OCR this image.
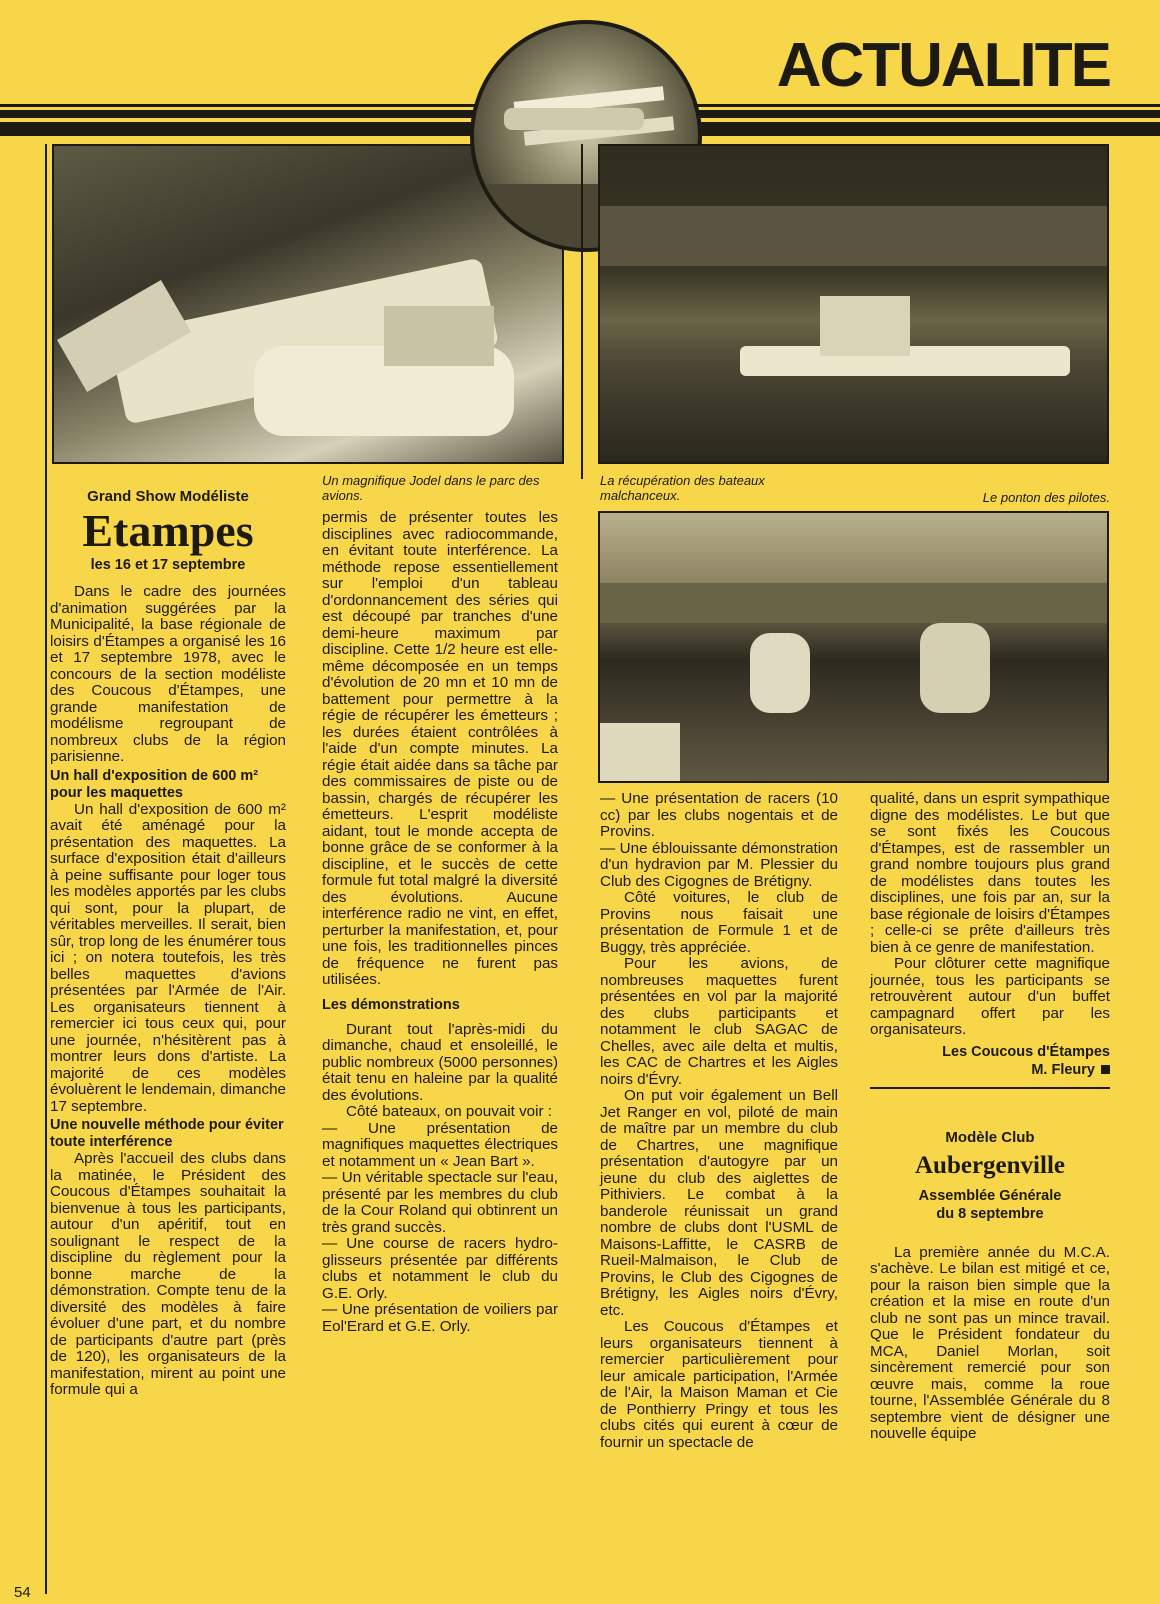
ACTUALITE
Un magnifique Jodel dans le parc des avions.
La récupération des bateaux malchanceux.	Le ponton des pilotes.
Grand Show Modéliste
Etampes
les 16 et 17 septembre

Dans le cadre des journées d'animation suggérées par la Municipalité, la base régionale de loisirs d'Étampes a organisé les 16 et 17 septembre 1978, avec le concours de la section modéliste des Coucous d'Étampes, une grande manifestation de modélisme regroupant de nombreux clubs de la région parisienne.

Un hall d'exposition de 600 m² pour les maquettes

Un hall d'exposition de 600 m² avait été aménagé pour la présentation des maquettes. La surface d'exposition était d'ailleurs à peine suffisante pour loger tous les modèles apportés par les clubs qui sont, pour la plupart, de véritables merveilles. Il serait, bien sûr, trop long de les énumérer tous ici ; on notera toutefois, les très belles maquettes d'avions présentées par l'Armée de l'Air. Les organisateurs tiennent à remercier ici tous ceux qui, pour une journée, n'hésitèrent pas à montrer leurs dons d'artiste. La majorité de ces modèles évoluèrent le lendemain, dimanche 17 septembre.

Une nouvelle méthode pour éviter toute interférence

Après l'accueil des clubs dans la matinée, le Président des Coucous d'Étampes souhaitait la bienvenue à tous les participants, autour d'un apéritif, tout en soulignant le respect de la discipline du règlement pour la bonne marche de la démonstration. Compte tenu de la diversité des modèles à faire évoluer d'une part, et du nombre de participants d'autre part (près de 120), les organisateurs de la manifestation, mirent au point une formule qui a

permis de présenter toutes les disciplines avec radiocommande, en évitant toute interférence. La méthode repose essentiellement sur l'emploi d'un tableau d'ordonnancement des séries qui est découpé par tranches d'une demi-heure maximum par discipline. Cette 1/2 heure est elle-même décomposée en un temps d'évolution de 20 mn et 10 mn de battement pour permettre à la régie de récupérer les émetteurs ; les durées étaient contrôlées à l'aide d'un compte minutes. La régie était aidée dans sa tâche par des commissaires de piste ou de bassin, chargés de récupérer les émetteurs. L'esprit modéliste aidant, tout le monde accepta de bonne grâce de se conformer à la discipline, et le succès de cette formule fut total malgré la diversité des évolutions. Aucune interférence radio ne vint, en effet, perturber la manifestation, et, pour une fois, les traditionnelles pinces de fréquence ne furent pas utilisées.

Les démonstrations

Durant tout l'après-midi du dimanche, chaud et ensoleillé, le public nombreux (5000 personnes) était tenu en haleine par la qualité des évolutions.

Côté bateaux, on pouvait voir :

— Une présentation de magnifiques maquettes électriques et notamment un « Jean Bart ».

— Un véritable spectacle sur l'eau, présenté par les membres du club de la Cour Roland qui obtinrent un très grand succès.

— Une course de racers hydro-glisseurs présentée par différents clubs et notamment le club du G.E. Orly.

— Une présentation de voiliers par Eol'Erard et G.E. Orly.

— Une présentation de racers (10 cc) par les clubs nogentais et de Provins.

— Une éblouissante démonstration d'un hydravion par M. Plessier du Club des Cigognes de Brétigny.

Côté voitures, le club de Provins nous faisait une présentation de Formule 1 et de Buggy, très appréciée.

Pour les avions, de nombreuses maquettes furent présentées en vol par la majorité des clubs participants et notamment le club SAGAC de Chelles, avec aile delta et multis, les CAC de Chartres et les Aigles noirs d'Évry.

On put voir également un Bell Jet Ranger en vol, piloté de main de maître par un membre du club de Chartres, une magnifique présentation d'autogyre par un jeune du club des aiglettes de Pithiviers. Le combat à la banderole réunissait un grand nombre de clubs dont l'USML de Maisons-Laffitte, le CASRB de Rueil-Malmaison, le Club de Provins, le Club des Cigognes de Brétigny, les Aigles noirs d'Évry, etc.

Les Coucous d'Étampes et leurs organisateurs tiennent à remercier particulièrement pour leur amicale participation, l'Armée de l'Air, la Maison Maman et Cie de Ponthierry Pringy et tous les clubs cités qui eurent à cœur de fournir un spectacle de

qualité, dans un esprit sympathique digne des modélistes. Le but que se sont fixés les Coucous d'Étampes, est de rassembler un grand nombre toujours plus grand de modélistes dans toutes les disciplines, une fois par an, sur la base régionale de loisirs d'Étampes ; celle-ci se prête d'ailleurs très bien à ce genre de manifestation.

Pour clôturer cette magnifique journée, tous les participants se retrouvèrent autour d'un buffet campagnard offert par les organisateurs.

Les Coucous d'Étampes
M. Fleury
Modèle Club
Aubergenville
Assemblée Générale
du 8 septembre

La première année du M.C.A. s'achève. Le bilan est mitigé et ce, pour la raison bien simple que la création et la mise en route d'un club ne sont pas un mince travail. Que le Président fondateur du MCA, Daniel Morlan, soit sincèrement remercié pour son œuvre mais, comme la roue tourne, l'Assemblée Générale du 8 septembre vient de désigner une nouvelle équipe

54
